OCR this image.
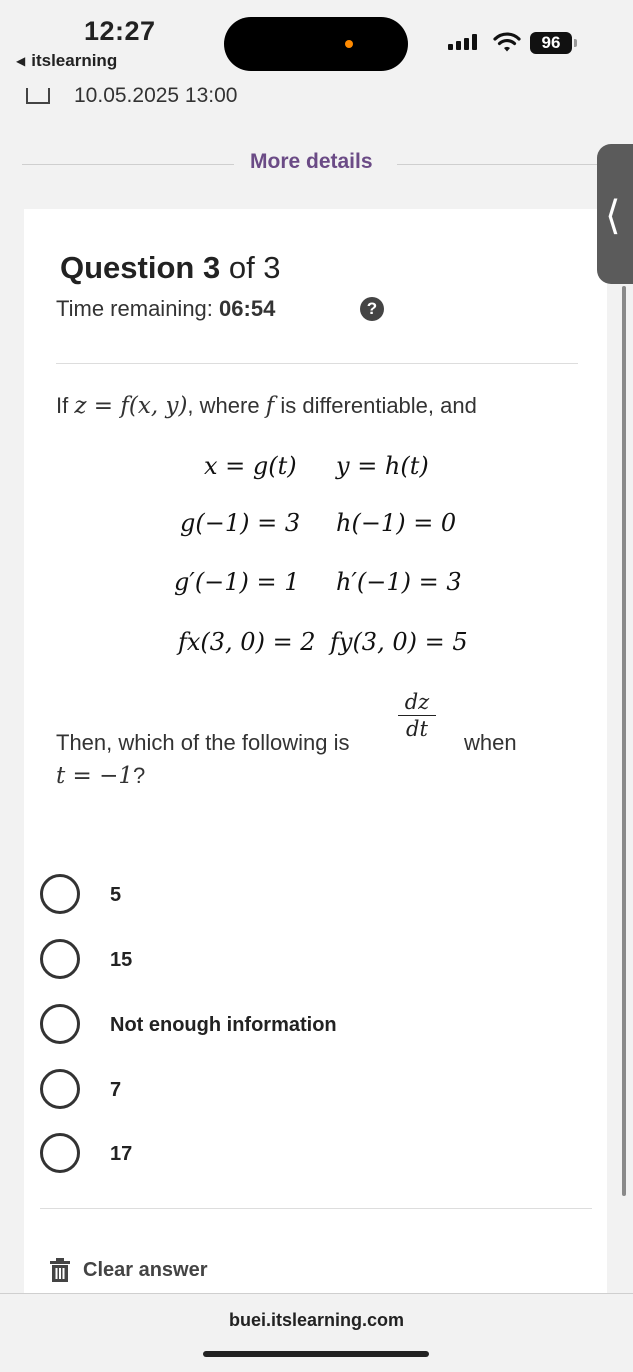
12:27
◀ itslearning
96
10.05.2025 13:00
More details
Question 3 of 3
Time remaining: 06:54	?
If z = f(x, y), where f is differentiable, and
x = g(t) y = h(t)
g(−1) = 3 h(−1) = 0
g′(−1) = 1 h′(−1) = 3
fx(3, 0) = 2 fy(3, 0) = 5
Then, which of the following is
$\frac{dz}{dt}$
when
t = −1?
5
15
Not enough information
7
17
Clear answer
⟨
buei.itslearning.com
